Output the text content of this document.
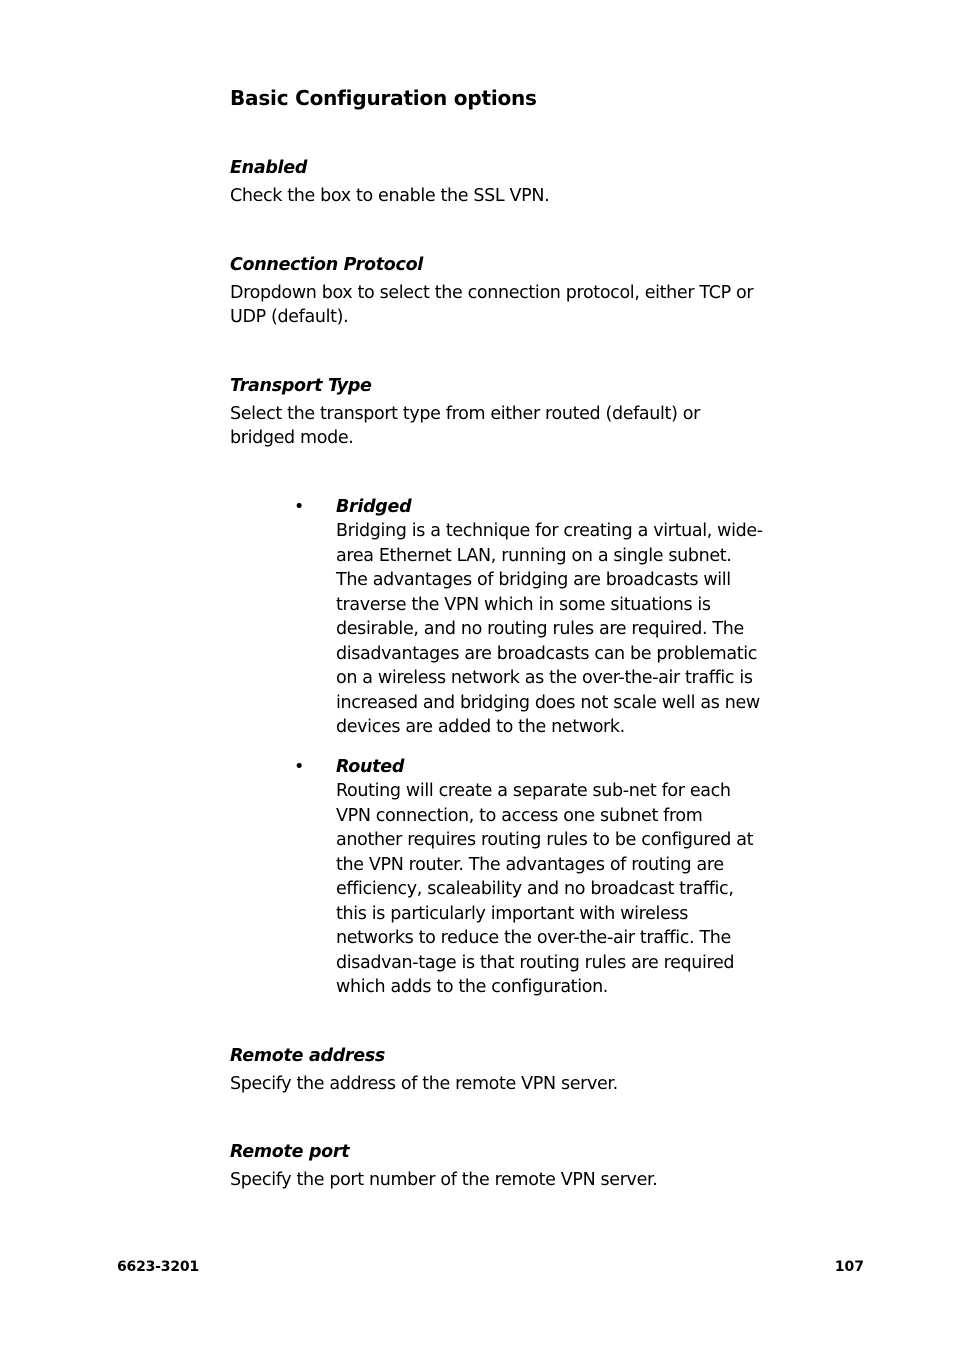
Basic Configuration options

Enabled

Check the box to enable the SSL VPN.

Connection Protocol

Dropdown box to select the connection protocol, either TCP or UDP (default).

Transport Type

Select the transport type from either routed (default) or bridged mode.

• Bridged

Bridging is a technique for creating a virtual, wide-area Ethernet LAN, running on a single subnet. The advantages of bridging are broadcasts will traverse the VPN which in some situations is desirable, and no routing rules are required. The disadvantages are broadcasts can be problematic on a wireless network as the over-the-air traffic is increased and bridging does not scale well as new devices are added to the network.

• Routed

Routing will create a separate sub-net for each VPN connection, to access one subnet from another requires routing rules to be configured at the VPN router. The advantages of routing are efficiency, scaleability and no broadcast traffic, this is particularly important with wireless networks to reduce the over-the-air traffic. The disadvan-tage is that routing rules are required which adds to the configuration.

Remote address

Specify the address of the remote VPN server.

Remote port

Specify the port number of the remote VPN server.

6623-3201	107
